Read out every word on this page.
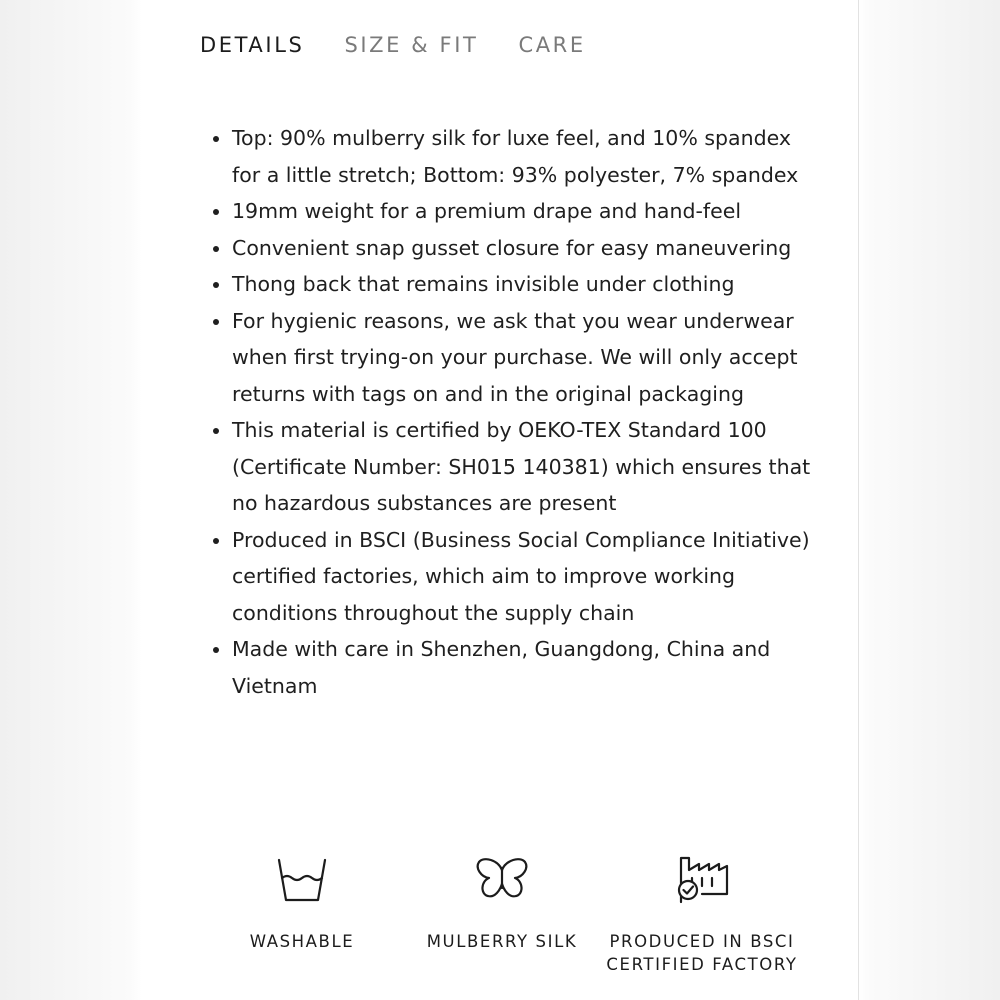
DETAILS SIZE & FIT CARE
• Top: 90% mulberry silk for luxe feel, and 10% spandex for a little stretch; Bottom: 93% polyester, 7% spandex
• 19mm weight for a premium drape and hand-feel
• Convenient snap gusset closure for easy maneuvering
• Thong back that remains invisible under clothing
• For hygienic reasons, we ask that you wear underwear when first trying-on your purchase. We will only accept returns with tags on and in the original packaging
• This material is certified by OEKO-TEX Standard 100 (Certificate Number: SH015 140381) which ensures that no hazardous substances are present
• Produced in BSCI (Business Social Compliance Initiative) certified factories, which aim to improve working conditions throughout the supply chain
• Made with care in Shenzhen, Guangdong, China and Vietnam
WASHABLE	MULBERRY SILK	PRODUCED IN BSCI CERTIFIED FACTORY
